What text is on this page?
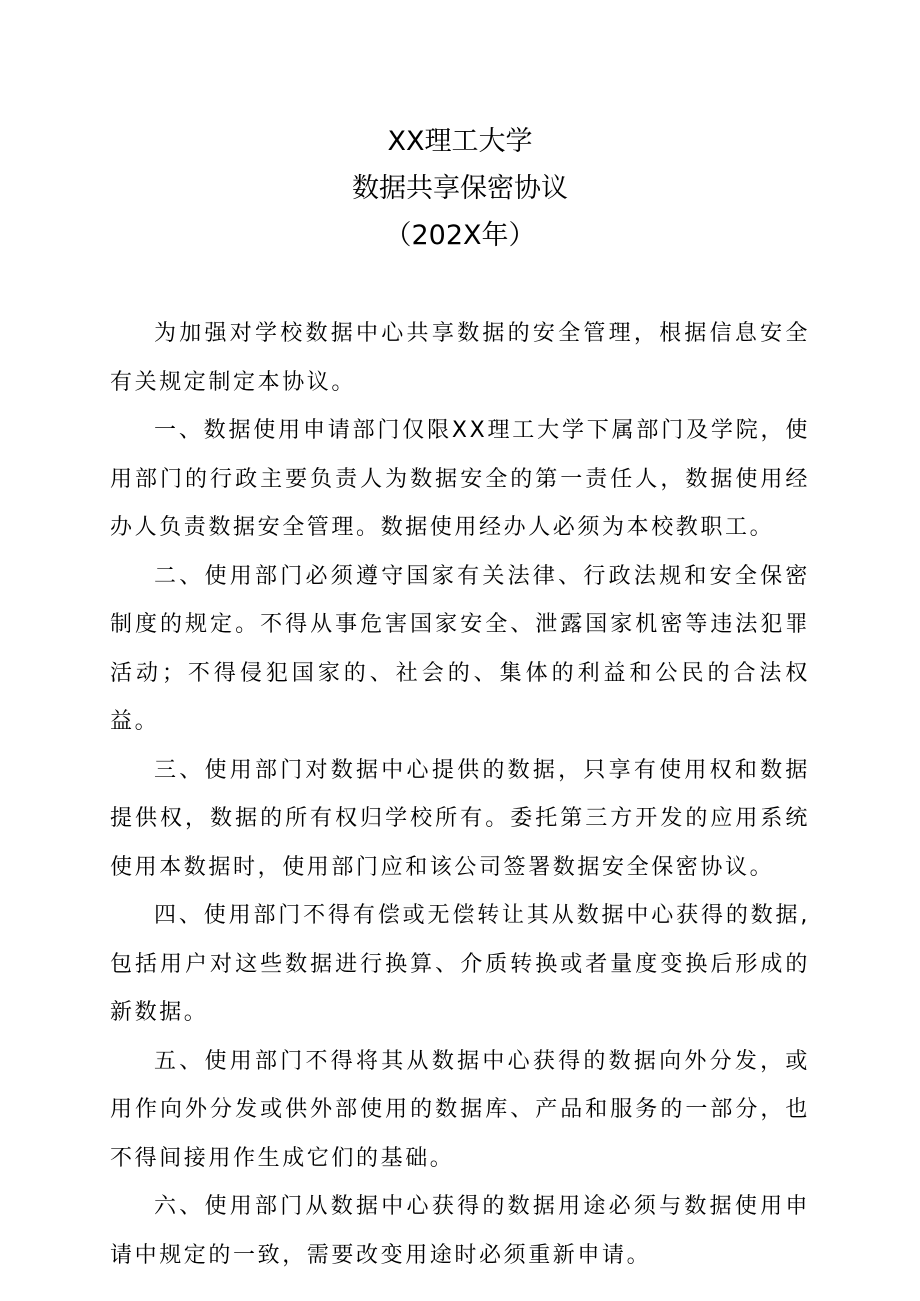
XX理工大学
数据共享保密协议
（202X年）

为加强对学校数据中心共享数据的安全管理，根据信息安全有关规定制定本协议。

一、数据使用申请部门仅限XX理工大学下属部门及学院，使用部门的行政主要负责人为数据安全的第一责任人，数据使用经办人负责数据安全管理。数据使用经办人必须为本校教职工。

二、使用部门必须遵守国家有关法律、行政法规和安全保密制度的规定。不得从事危害国家安全、泄露国家机密等违法犯罪活动；不得侵犯国家的、社会的、集体的利益和公民的合法权益。

三、使用部门对数据中心提供的数据，只享有使用权和数据提供权，数据的所有权归学校所有。委托第三方开发的应用系统使用本数据时，使用部门应和该公司签署数据安全保密协议。

四、使用部门不得有偿或无偿转让其从数据中心获得的数据,包括用户对这些数据进行换算、介质转换或者量度变换后形成的新数据。

五、使用部门不得将其从数据中心获得的数据向外分发，或用作向外分发或供外部使用的数据库、产品和服务的一部分，也不得间接用作生成它们的基础。

六、使用部门从数据中心获得的数据用途必须与数据使用申请中规定的一致，需要改变用途时必须重新申请。
